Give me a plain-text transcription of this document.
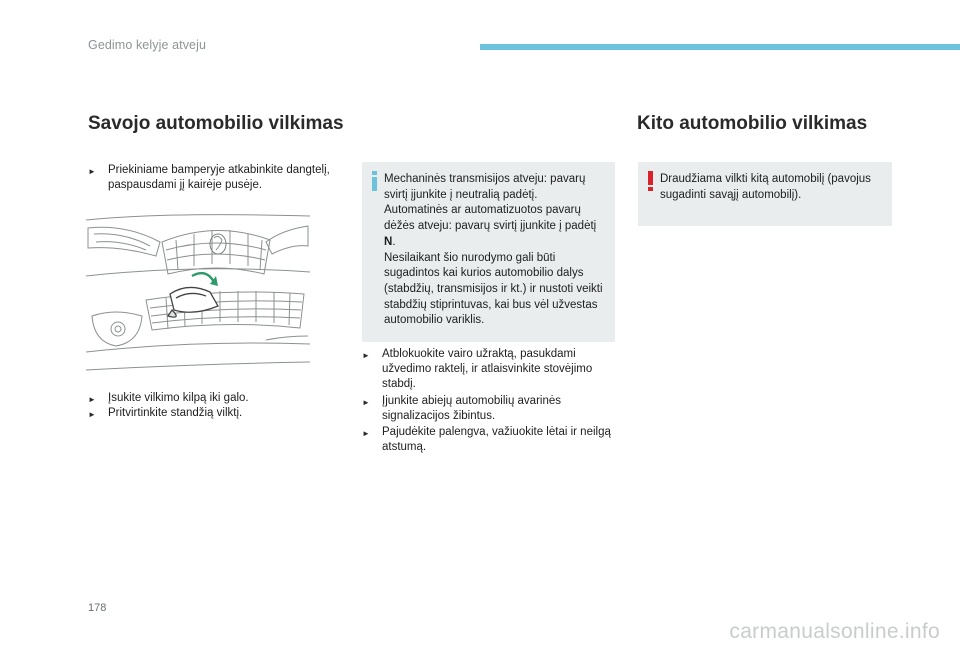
Gedimo kelyje atveju
Savojo automobilio vilkimas
►	Priekiniame bamperyje atkabinkite dangtelį, paspausdami jį kairėje pusėje.
►	Įsukite vilkimo kilpą iki galo.
►	Pritvirtinkite standžią vilktį.

Mechaninės transmisijos atveju: pavarų svirtį įjunkite į neutralią padėtį.

Automatinės ar automatizuotos pavarų dėžės atveju: pavarų svirtį įjunkite į padėtį N.

Nesilaikant šio nurodymo gali būti sugadintos kai kurios automobilio dalys (stabdžių, transmisijos ir kt.) ir nustoti veikti stabdžių stiprintuvas, kai bus vėl užvestas automobilio variklis.

►	Atblokuokite vairo užraktą, pasukdami užvedimo raktelį, ir atlaisvinkite stovėjimo stabdį.
►	Įjunkite abiejų automobilių avarinės signalizacijos žibintus.
►	Pajudėkite palengva, važiuokite lėtai ir neilgą atstumą.
Kito automobilio vilkimas

Draudžiama vilkti kitą automobilį (pavojus sugadinti savąjį automobilį).

178
carmanualsonline.info
